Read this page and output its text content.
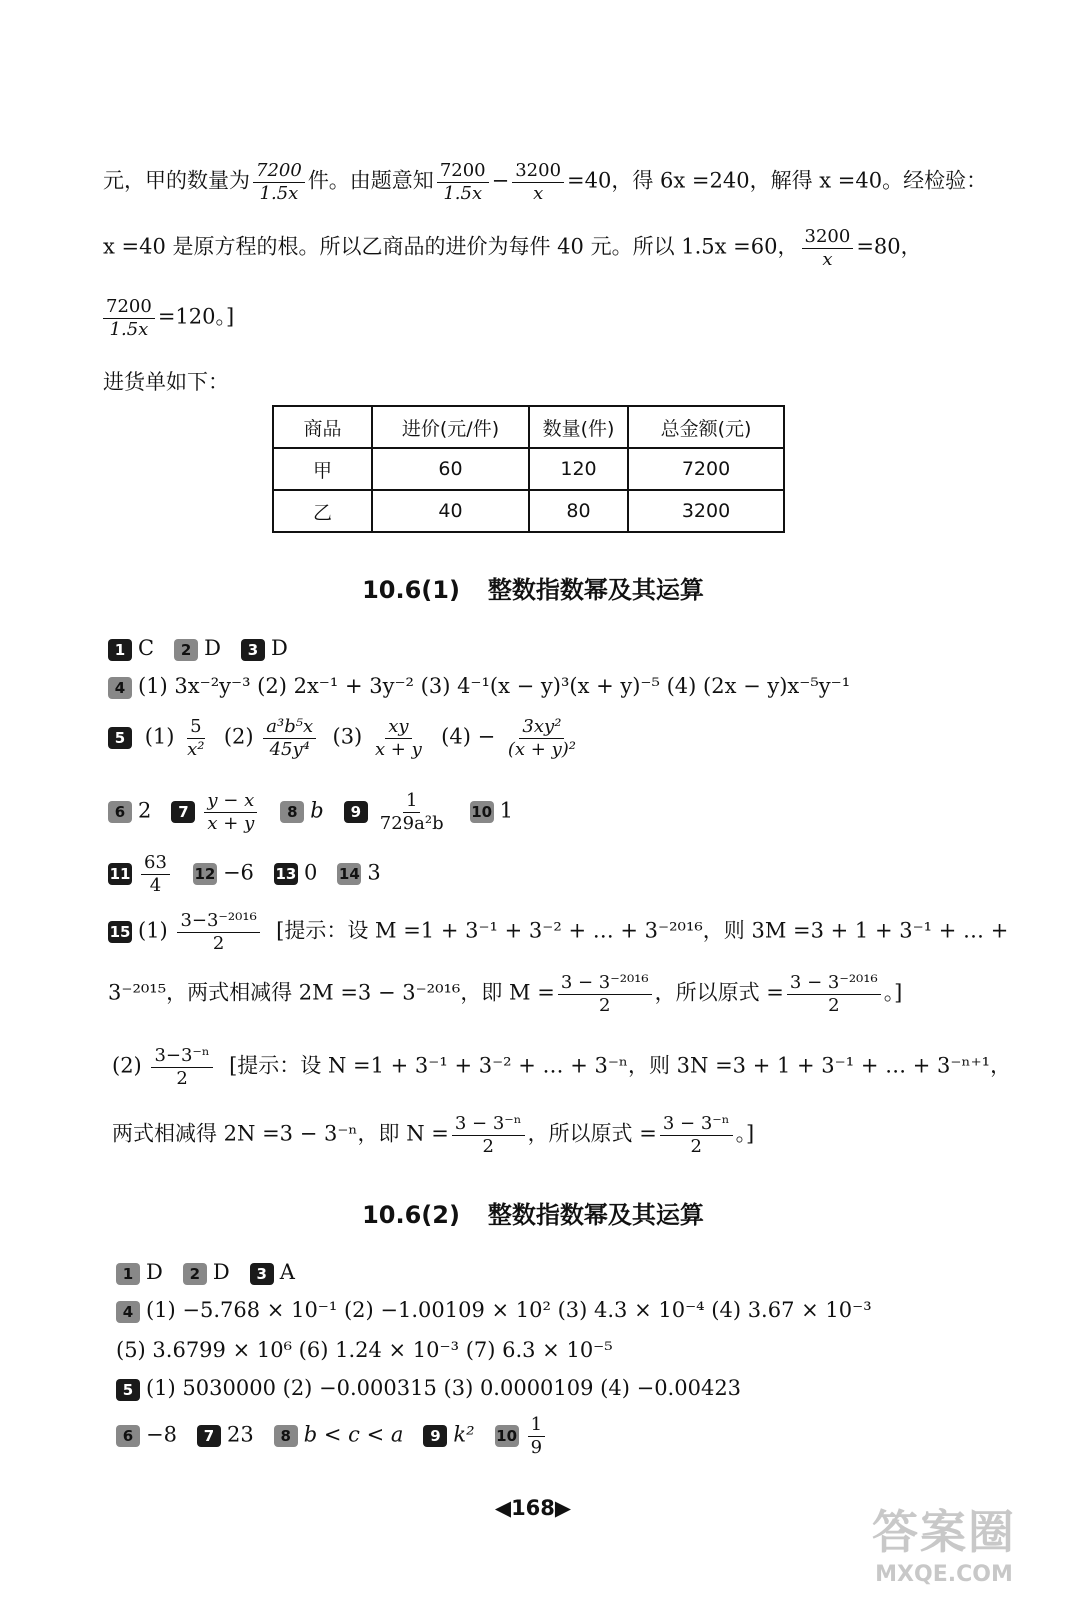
元，甲的数量为 $\frac{7200}{1.5x}$ 件。由题意知 $\frac{7200}{1.5x} - \frac{3200}{x} =40$，得 6x =240，解得 x =40。经检验：
x =40 是原方程的根。所以乙商品的进价为每件 40 元。所以 1.5x =60， $\frac{3200}{x} =80$，
$\frac{7200}{1.5x} =120$。]
进货单如下：
商品	进价(元/件)	数量(件)	总金额(元)
甲	60	120	7200
乙	40	80	3200
10.6(1) 整数指数幂及其运算
1 C 2 D 3 D
4 (1) 3x⁻²y⁻³ (2) 2x⁻¹ + 3y⁻² (3) 4⁻¹(x − y)³(x + y)⁻⁵ (4) (2x − y)x⁻⁵y⁻¹
5 $(1) \frac{5}{\text{x²}} (2) \frac{\text{a³b⁵x}}{\text{45y⁴}} (3) \frac{xy}{x + y} (4) - \frac{\text{3xy²}}{\text{(x + y)²}}$
6 2 $7 \frac{y - x}{x + y} 8$ b $9 \frac{1}{\text{729a²b}} 10$ 1
$11 \frac{63}{4} 12 -6$ 13 0 14 3
15 $(1) \frac{\text{3−3⁻²⁰¹⁶}}{2}$ [提示：设 M =1 + 3⁻¹ + 3⁻² + … + 3⁻²⁰¹⁶，则 3M =3 + 1 + 3⁻¹ + … +
3⁻²⁰¹⁵，两式相减得 2M =3 − 3⁻²⁰¹⁶，即 $M = \frac{\text{3 − 3⁻²⁰¹⁶}}{2}$ ，所以原式 = $\frac{\text{3 − 3⁻²⁰¹⁶}}{2}$ 。]
$(2) \frac{\text{3−3⁻ⁿ}}{2}$ [提示：设 N =1 + 3⁻¹ + 3⁻² + … + 3⁻ⁿ，则 3N =3 + 1 + 3⁻¹ + … + 3⁻ⁿ⁺¹，
两式相减得 2N =3 − 3⁻ⁿ，即 $N = \frac{\text{3 − 3⁻ⁿ}}{2}$ ，所以原式 = $\frac{\text{3 − 3⁻ⁿ}}{2}$ 。]
10.6(2) 整数指数幂及其运算
1 D 2 D 3 A
4 (1) −5.768 × 10⁻¹ (2) −1.00109 × 10² (3) 4.3 × 10⁻⁴ (4) 3.67 × 10⁻³
(5) 3.6799 × 10⁶ (6) 1.24 × 10⁻³ (7) 6.3 × 10⁻⁵
5 (1) 5030000 (2) −0.000315 (3) 0.0000109 (4) −0.00423
6 −8 7 23 8 b < c < a 9 k² $10 \frac{1}{9}$
◀168▶	答案圈
MXQE.COM
